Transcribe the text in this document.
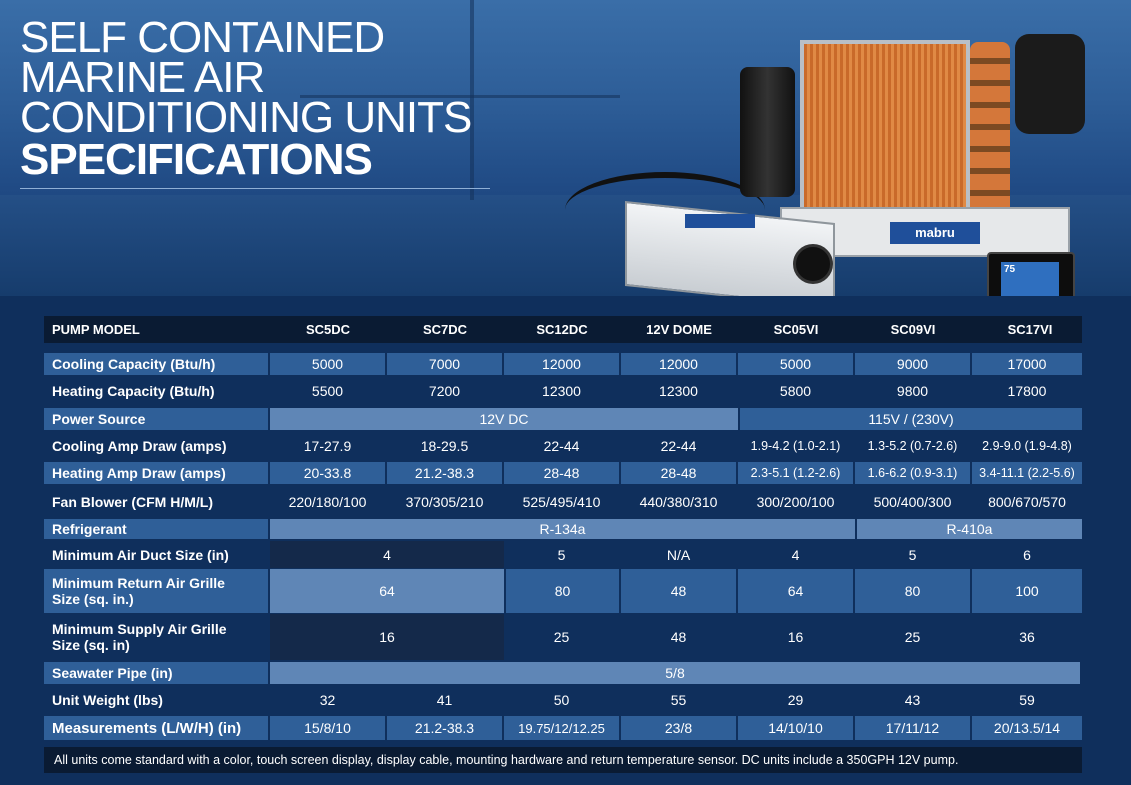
SELF CONTAINED
MARINE AIR
CONDITIONING UNITS
SPECIFICATIONS
mabru
75
PUMP MODEL	SC5DC	SC7DC	SC12DC	12V DOME	SC05VI	SC09VI	SC17VI
Cooling Capacity (Btu/h)	5000	7000	12000	12000	5000	9000	17000
Heating Capacity (Btu/h)	5500	7200	12300	12300	5800	9800	17800
Power Source	12V DC	115V / (230V)
Cooling Amp Draw (amps)	17-27.9	18-29.5	22-44	22-44	1.9-4.2 (1.0-2.1)	1.3-5.2 (0.7-2.6)	2.9-9.0 (1.9-4.8)
Heating Amp Draw (amps)	20-33.8	21.2-38.3	28-48	28-48	2.3-5.1 (1.2-2.6)	1.6-6.2 (0.9-3.1)	3.4-11.1 (2.2-5.6)
Fan Blower (CFM H/M/L)	220/180/100	370/305/210	525/495/410	440/380/310	300/200/100	500/400/300	800/670/570
Refrigerant	R-134a	R-410a
Minimum Air Duct Size (in)	4	5	N/A	4	5	6
Minimum Return Air Grille
Size (sq. in.)	64	80	48	64	80	100
Minimum Supply Air Grille
Size (sq. in)	16	25	48	16	25	36
Seawater Pipe (in)	5/8
Unit Weight (lbs)	32	41	50	55	29	43	59
Measurements (L/W/H) (in)	15/8/10	21.2-38.3	19.75/12/12.25	23/8	14/10/10	17/11/12	20/13.5/14
All units come standard with a color, touch screen display, display cable, mounting hardware and return temperature sensor. DC units include a 350GPH 12V pump.
